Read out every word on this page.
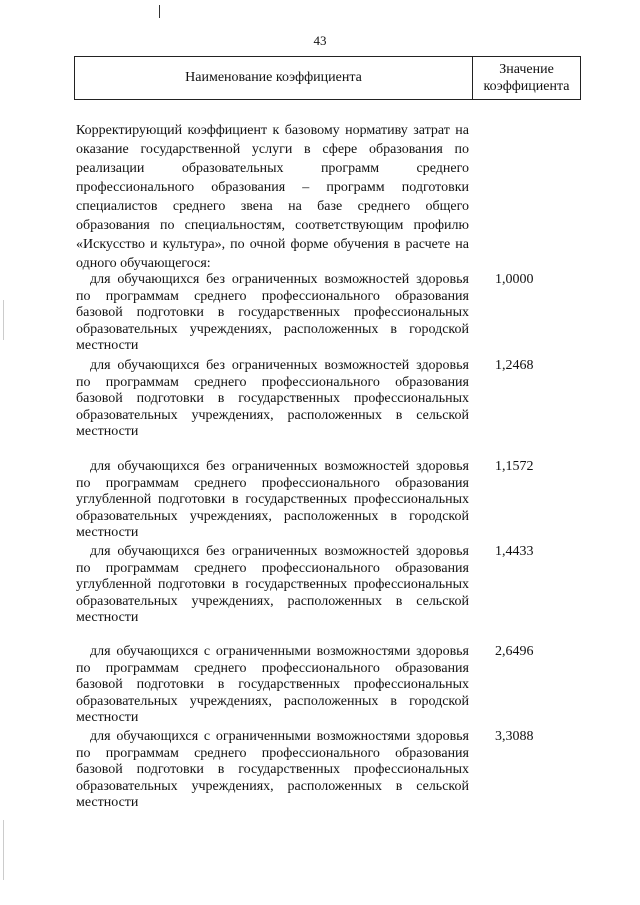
43
Наименование коэффициента
Значение
коэффициента
Корректирующий коэффициент к базовому нормативу затрат на оказание государственной услуги в сфере образования по реализации образовательных программ среднего профессионального образования – программ подготовки специалистов среднего звена на базе среднего общего образования по специальностям, соответствующим профилю «Искусство и культура», по очной форме обучения в расчете на одного обучающегося:
для обучающихся без ограниченных возможностей здоровья по программам среднего профессионального образования базовой подготовки в государственных профессиональных образовательных учреждениях, расположенных в городской местности
1,0000
для обучающихся без ограниченных возможностей здоровья по программам среднего профессионального образования базовой подготовки в государственных профессиональных образовательных учреждениях, расположенных в сельской местности
1,2468
для обучающихся без ограниченных возможностей здоровья по программам среднего профессионального образования углубленной подготовки в государственных профессиональных образовательных учреждениях, расположенных в городской местности
1,1572
для обучающихся без ограниченных возможностей здоровья по программам среднего профессионального образования углубленной подготовки в государственных профессиональных образовательных учреждениях, расположенных в сельской местности
1,4433
для обучающихся с ограниченными возможностями здоровья по программам среднего профессионального образования базовой подготовки в государственных профессиональных образовательных учреждениях, расположенных в городской местности
2,6496
для обучающихся с ограниченными возможностями здоровья по программам среднего профессионального образования базовой подготовки в государственных профессиональных образовательных учреждениях, расположенных в сельской местности
3,3088
